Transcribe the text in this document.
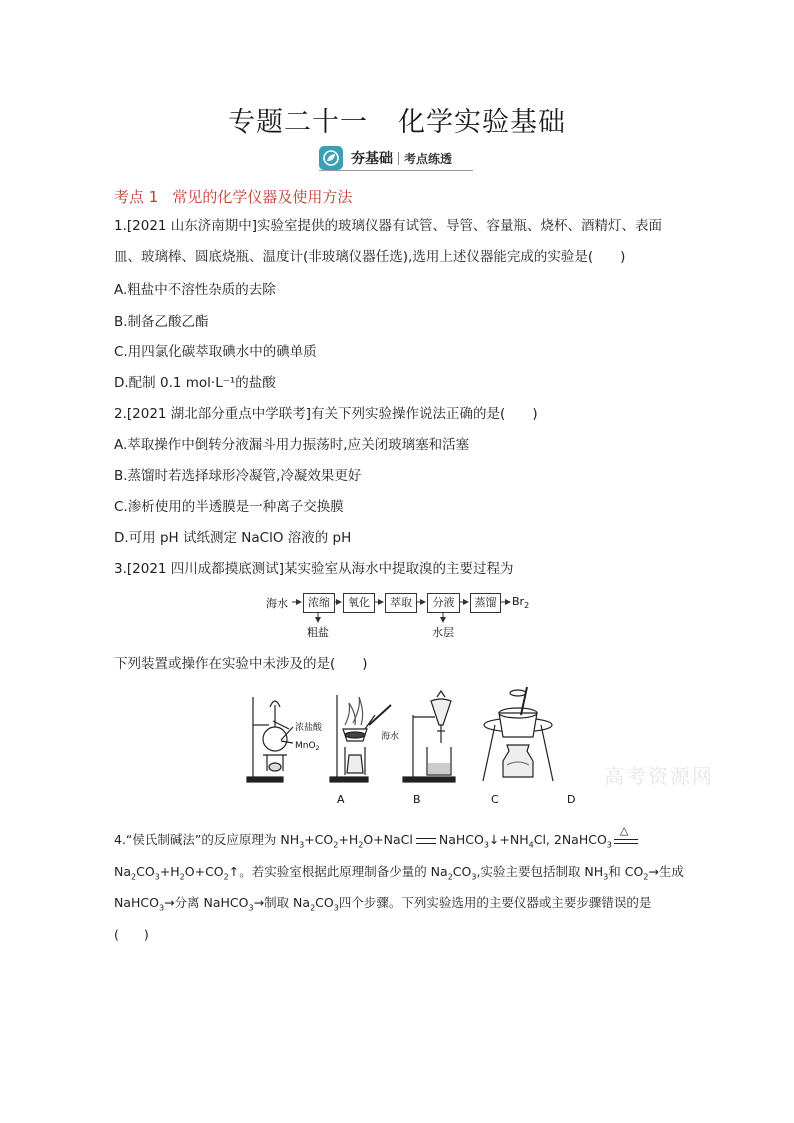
专题二十一 化学实验基础
夯基础 考点练透
考点 1 常见的化学仪器及使用方法
1.[2021 山东济南期中]实验室提供的玻璃仪器有试管、导管、容量瓶、烧杯、酒精灯、表面
皿、玻璃棒、圆底烧瓶、温度计(非玻璃仪器任选),选用上述仪器能完成的实验是(　　)
A.粗盐中不溶性杂质的去除
B.制备乙酸乙酯
C.用四氯化碳萃取碘水中的碘单质
D.配制 0.1 mol·L⁻¹的盐酸
2.[2021 湖北部分重点中学联考]有关下列实验操作说法正确的是(　　)
A.萃取操作中倒转分液漏斗用力振荡时,应关闭玻璃塞和活塞
B.蒸馏时若选择球形冷凝管,冷凝效果更好
C.渗析使用的半透膜是一种离子交换膜
D.可用 pH 试纸测定 NaClO 溶液的 pH
3.[2021 四川成都摸底测试]某实验室从海水中提取溴的主要过程为
海水	浓缩	氧化	萃取	分液	蒸馏	$Br_2$
粗盐	水层
下列装置或操作在实验中未涉及的是(　　)
浓盐酸
MnO$_2$
海水
A	B	C	D
高考资源网
4.“侯氏制碱法”的反应原理为 $NH_3+CO_2+H_2O+NaCl$ $NaHCO_3↓+NH_4Cl$, 2NaHCO$_3$
△
$Na_2CO_3+H_2O+CO_2↑$。若实验室根据此原理制备少量的 $Na_2CO_3$,实验主要包括制取 $NH_3$和 $CO_2\to$生成
NaHCO$_3$→分离 NaHCO$_3$→制取 $Na_2CO_3$四个步骤。下列实验选用的主要仪器或主要步骤错误的是
(　　)
